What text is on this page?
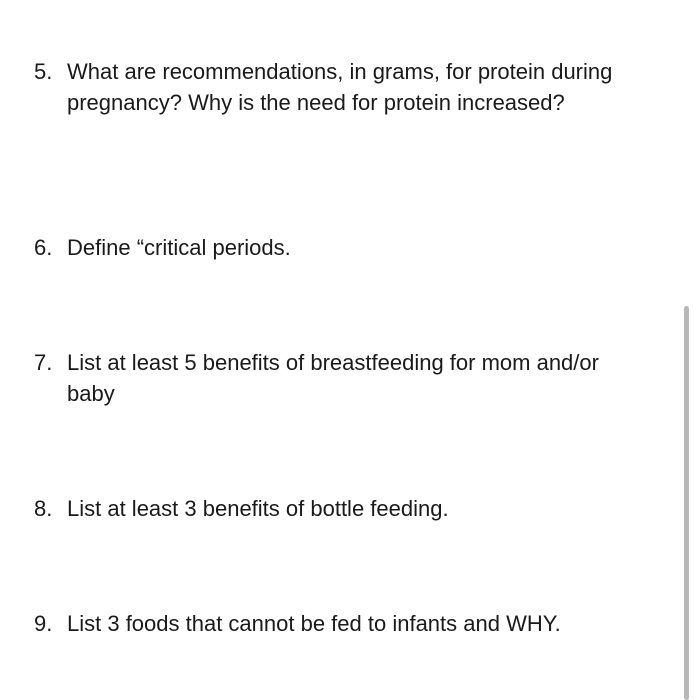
5. What are recommendations, in grams, for protein during pregnancy? Why is the need for protein increased?
6. Define “critical periods.
7. List at least 5 benefits of breastfeeding for mom and/or baby
8. List at least 3 benefits of bottle feeding.
9. List 3 foods that cannot be fed to infants and WHY.
